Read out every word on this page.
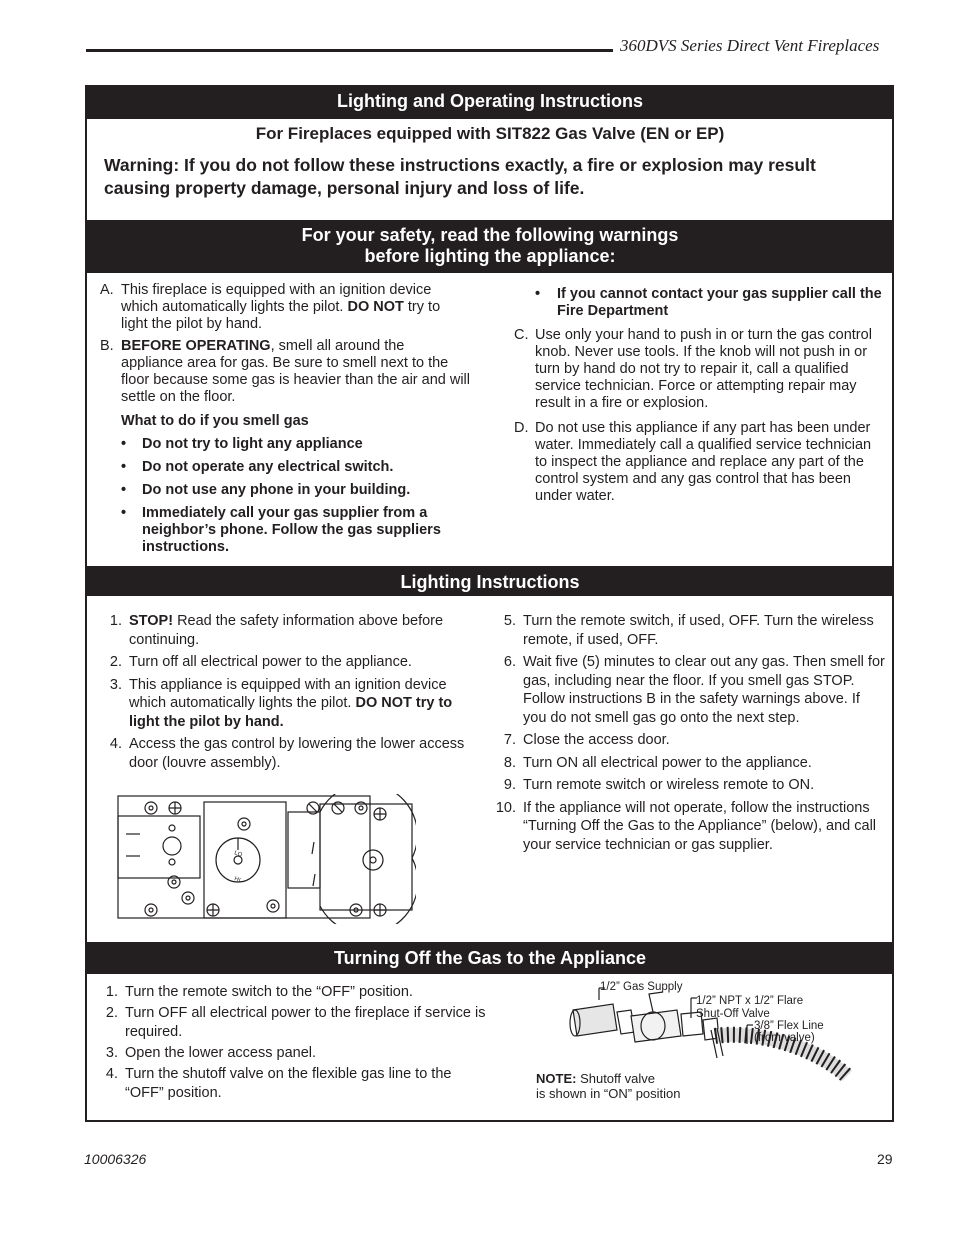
360DVS Series Direct Vent Fireplaces
Lighting and Operating Instructions
For Fireplaces equipped with SIT822 Gas Valve (EN or EP)
Warning: If you do not follow these instructions exactly, a fire or explosion may result causing property damage, personal injury and loss of life.
For your safety, read the following warnings
before lighting the appliance:
A. This fireplace is equipped with an ignition device which automatically lights the pilot. DO NOT try to light the pilot by hand.
B. BEFORE OPERATING, smell all around the appliance area for gas. Be sure to smell next to the floor because some gas is heavier than the air and will settle on the floor.
What to do if you smell gas
• Do not try to light any appliance
• Do not operate any electrical switch.
• Do not use any phone in your building.
• Immediately call your gas supplier from a neighbor’s phone. Follow the gas suppliers instructions.
• If you cannot contact your gas supplier call the Fire Department
C. Use only your hand to push in or turn the gas control knob. Never use tools. If the knob will not push in or turn by hand do not try to repair it, call a qualified service technician. Force or attempting repair may result in a fire or explosion.
D. Do not use this appliance if any part has been under water. Immediately call a qualified service technician to inspect the appliance and replace any part of the control system and any gas control that has been under water.
Lighting Instructions
1. STOP! Read the safety information above before continuing.
2. Turn off all electrical power to the appliance.
3. This appliance is equipped with an ignition device which automatically lights the pilot. DO NOT try to light the pilot by hand.
4. Access the gas control by lowering the lower access door (louvre assembly).
LO
HI
5. Turn the remote switch, if used, OFF. Turn the wireless remote, if used, OFF.
6. Wait five (5) minutes to clear out any gas. Then smell for gas, including near the floor. If you smell gas STOP. Follow instructions B in the safety warnings above. If you do not smell gas go onto the next step.
7. Close the access door.
8. Turn ON all electrical power to the appliance.
9. Turn remote switch or wireless remote to ON.
10. If the appliance will not operate, follow the instructions “Turning Off the Gas to the Appliance” (below), and call your service technician or gas supplier.
Turning Off the Gas to the Appliance
1. Turn the remote switch to the “OFF” position.
2. Turn OFF all electrical power to the fireplace if service is required.
3. Open the lower access panel.
4. Turn the shutoff valve on the flexible gas line to the “OFF” position.
1/2” Gas Supply
1/2” NPT x 1/2” Flare
Shut-Off Valve
3/8” Flex Line
(from valve)
NOTE: Shutoff valve
is shown in “ON” position
10006326	29
